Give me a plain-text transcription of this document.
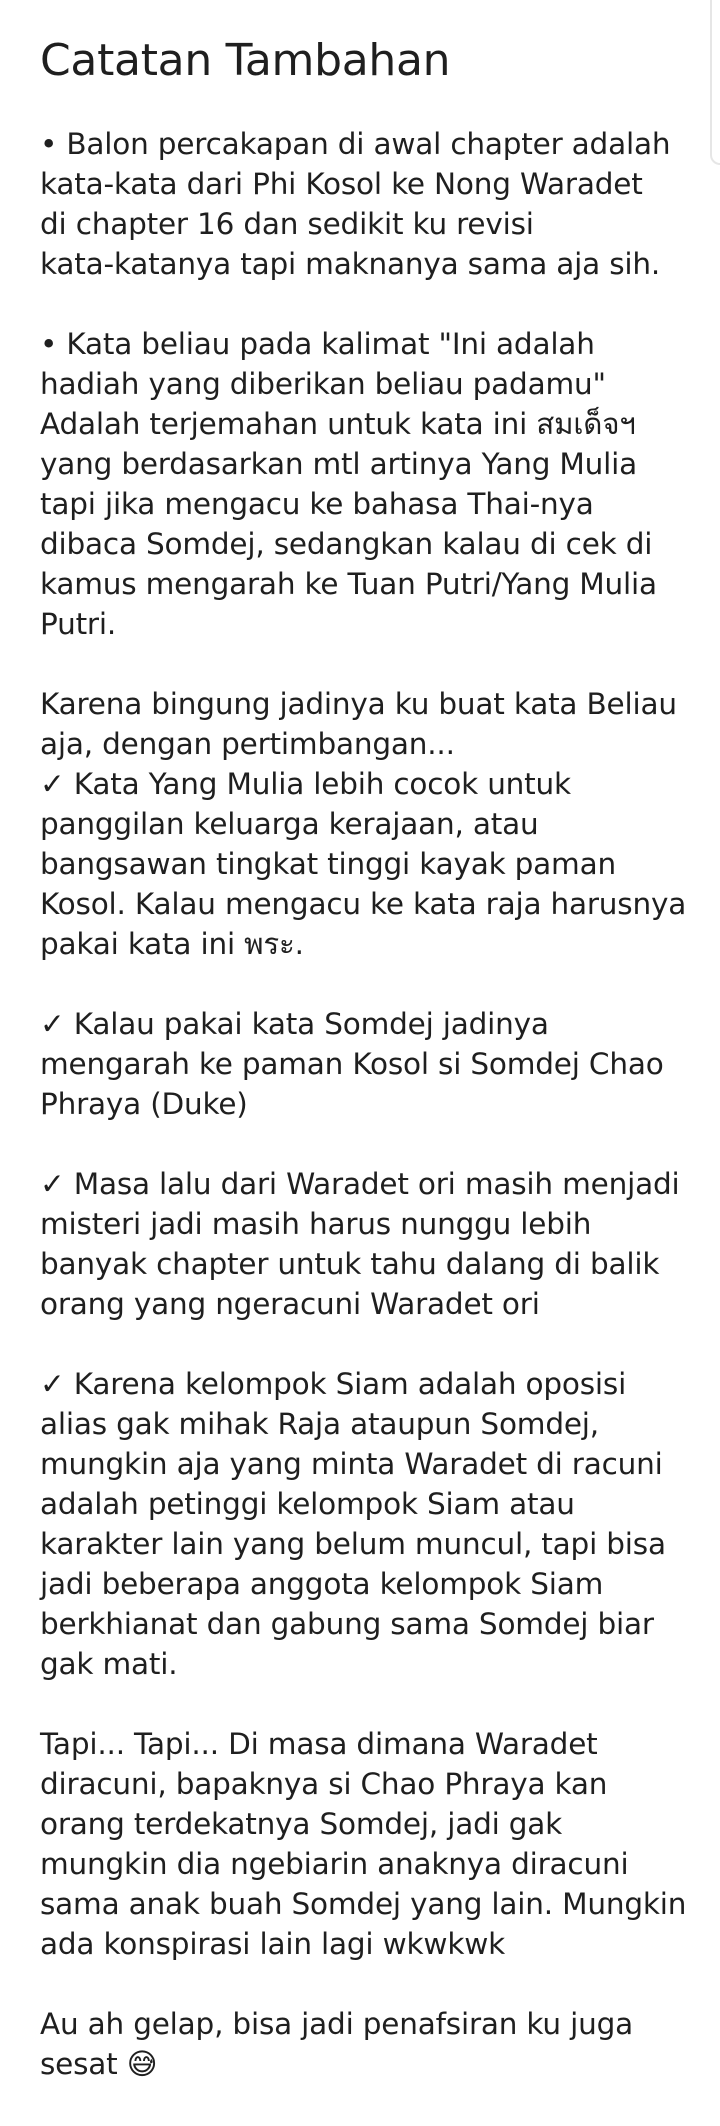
Catatan Tambahan
• Balon percakapan di awal chapter adalah
kata-kata dari Phi Kosol ke Nong Waradet
di chapter 16 dan sedikit ku revisi
kata-katanya tapi maknanya sama aja sih.
• Kata beliau pada kalimat "Ini adalah
hadiah yang diberikan beliau padamu"
Adalah terjemahan untuk kata ini สมเด็จฯ
yang berdasarkan mtl artinya Yang Mulia
tapi jika mengacu ke bahasa Thai-nya
dibaca Somdej, sedangkan kalau di cek di
kamus mengarah ke Tuan Putri/Yang Mulia
Putri.
Karena bingung jadinya ku buat kata Beliau
aja, dengan pertimbangan...
✓ Kata Yang Mulia lebih cocok untuk
panggilan keluarga kerajaan, atau
bangsawan tingkat tinggi kayak paman
Kosol. Kalau mengacu ke kata raja harusnya
pakai kata ini พระ.
✓ Kalau pakai kata Somdej jadinya
mengarah ke paman Kosol si Somdej Chao
Phraya (Duke)
✓ Masa lalu dari Waradet ori masih menjadi
misteri jadi masih harus nunggu lebih
banyak chapter untuk tahu dalang di balik
orang yang ngeracuni Waradet ori
✓ Karena kelompok Siam adalah oposisi
alias gak mihak Raja ataupun Somdej,
mungkin aja yang minta Waradet di racuni
adalah petinggi kelompok Siam atau
karakter lain yang belum muncul, tapi bisa
jadi beberapa anggota kelompok Siam
berkhianat dan gabung sama Somdej biar
gak mati.
Tapi... Tapi... Di masa dimana Waradet
diracuni, bapaknya si Chao Phraya kan
orang terdekatnya Somdej, jadi gak
mungkin dia ngebiarin anaknya diracuni
sama anak buah Somdej yang lain. Mungkin
ada konspirasi lain lagi wkwkwk
Au ah gelap, bisa jadi penafsiran ku juga
sesat 😅
